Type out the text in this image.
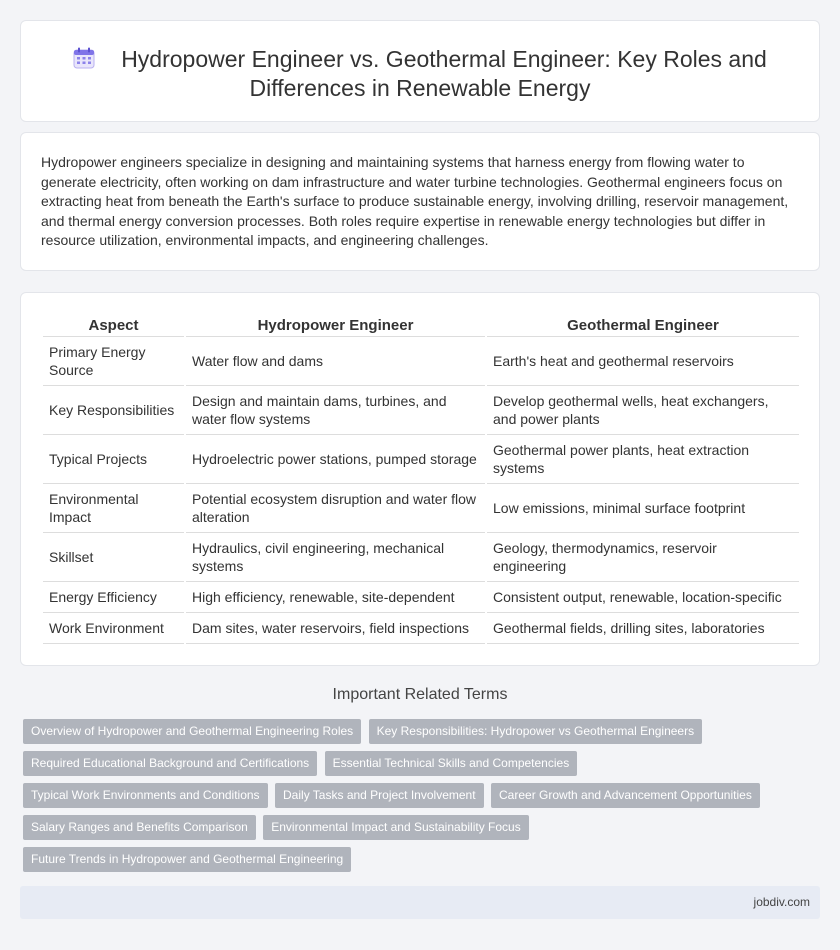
Hydropower Engineer vs. Geothermal Engineer: Key Roles and
Differences in Renewable Energy

Hydropower engineers specialize in designing and maintaining systems that harness energy from flowing water to generate electricity, often working on dam infrastructure and water turbine technologies. Geothermal engineers focus on extracting heat from beneath the Earth's surface to produce sustainable energy, involving drilling, reservoir management, and thermal energy conversion processes. Both roles require expertise in renewable energy technologies but differ in resource utilization, environmental impacts, and engineering challenges.

Aspect	Hydropower Engineer	Geothermal Engineer
Primary Energy Source	Water flow and dams	Earth's heat and geothermal reservoirs
Key Responsibilities	Design and maintain dams, turbines, and water flow systems	Develop geothermal wells, heat exchangers, and power plants
Typical Projects	Hydroelectric power stations, pumped storage	Geothermal power plants, heat extraction systems
Environmental Impact	Potential ecosystem disruption and water flow alteration	Low emissions, minimal surface footprint
Skillset	Hydraulics, civil engineering, mechanical systems	Geology, thermodynamics, reservoir engineering
Energy Efficiency	High efficiency, renewable, site-dependent	Consistent output, renewable, location-specific
Work Environment	Dam sites, water reservoirs, field inspections	Geothermal fields, drilling sites, laboratories
Important Related Terms
Overview of Hydropower and Geothermal Engineering Roles Key Responsibilities: Hydropower vs Geothermal Engineers
Required Educational Background and Certifications Essential Technical Skills and Competencies
Typical Work Environments and Conditions Daily Tasks and Project Involvement Career Growth and Advancement Opportunities
Salary Ranges and Benefits Comparison Environmental Impact and Sustainability Focus
Future Trends in Hydropower and Geothermal Engineering
jobdiv.com
